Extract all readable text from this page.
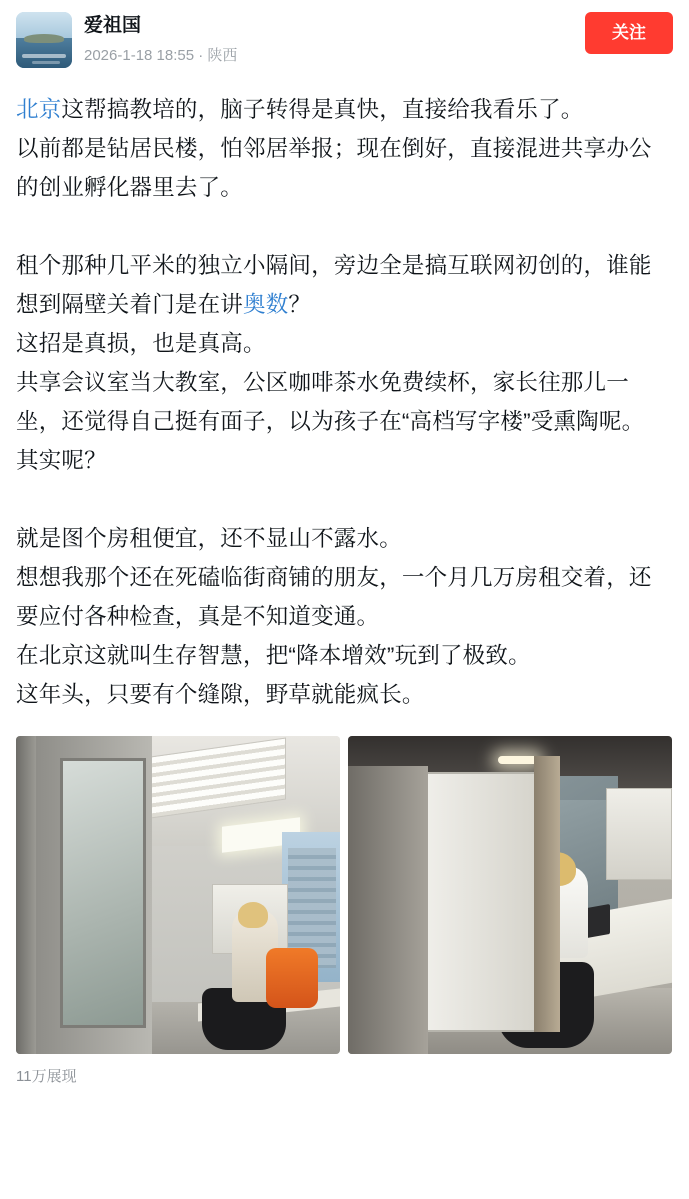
爱祖国
2026-1-18 18:55 · 陕西
关注

北京这帮搞教培的，脑子转得是真快，直接给我看乐了。

以前都是钻居民楼，怕邻居举报；现在倒好，直接混进共享办公的创业孵化器里去了。

租个那种几平米的独立小隔间，旁边全是搞互联网初创的，谁能想到隔壁关着门是在讲奥数？

这招是真损，也是真高。

共享会议室当大教室，公区咖啡茶水免费续杯，家长往那儿一坐，还觉得自己挺有面子，以为孩子在“高档写字楼”受熏陶呢。

其实呢？

就是图个房租便宜，还不显山不露水。

想想我那个还在死磕临街商铺的朋友，一个月几万房租交着，还要应付各种检查，真是不知道变通。

在北京这就叫生存智慧，把“降本增效”玩到了极致。

这年头，只要有个缝隙，野草就能疯长。

11万展现
